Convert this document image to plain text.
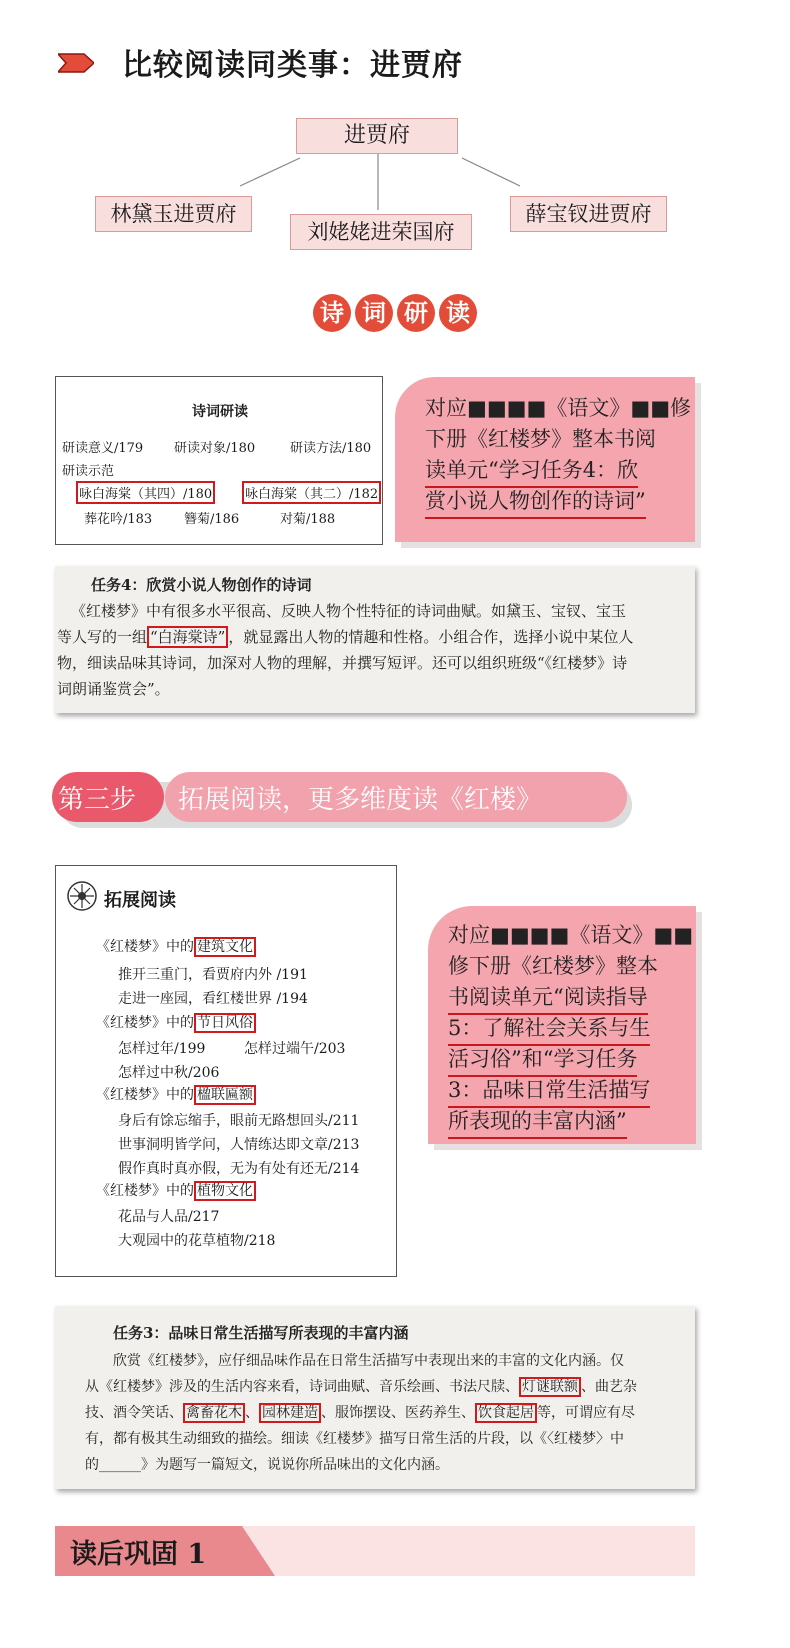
比较阅读同类事：进贾府
进贾府
林黛玉进贾府
刘姥姥进荣国府
薛宝钗进贾府
诗 词 研 读
诗词研读
研读意义/179 研读对象/180	研读方法/180
研读示范
咏白海棠（其四）/180	咏白海棠（其二）/182
葬花吟/183 簪菊/186	对菊/188
对应■■■■《语文》■■修
下册《红楼梦》整本书阅
读单元“学习任务4：欣
赏小说人物创作的诗词”
任务4：欣赏小说人物创作的诗词
《红楼梦》中有很多水平很高、反映人物个性特征的诗词曲赋。如黛玉、宝钗、宝玉
等人写的一组 “白海棠诗” ，就显露出人物的情趣和性格。小组合作，选择小说中某位人
物，细读品味其诗词，加深对人物的理解，并撰写短评。还可以组织班级“《红楼梦》诗
词朗诵鉴赏会”。
第三步 拓展阅读，更多维度读《红楼》
拓展阅读
《红楼梦》中的 建筑文化
推开三重门，看贾府内外 /191
走进一座园，看红楼世界 /194
《红楼梦》中的 节日风俗
怎样过年/199	怎样过端午/203
怎样过中秋/206
《红楼梦》中的 楹联匾额
身后有馀忘缩手，眼前无路想回头/211
世事洞明皆学问，人情练达即文章/213
假作真时真亦假，无为有处有还无/214
《红楼梦》中的 植物文化
花品与人品/217
大观园中的花草植物/218
对应■■■■《语文》■■
修下册《红楼梦》整本
书阅读单元“阅读指导
5：了解社会关系与生
活习俗”和“学习任务
3：品味日常生活描写
所表现的丰富内涵”
任务3：品味日常生活描写所表现的丰富内涵
欣赏《红楼梦》，应仔细品味作品在日常生活描写中表现出来的丰富的文化内涵。仅
从《红楼梦》涉及的生活内容来看，诗词曲赋、音乐绘画、书法尺牍、 灯谜联额 、曲艺杂
技、酒令笑话、 禽畜花木 、 园林建造 、服饰摆设、医药养生、 饮食起居 等，可谓应有尽
有，都有极其生动细致的描绘。细读《红楼梦》描写日常生活的片段，以《〈红楼梦〉中
的______》为题写一篇短文，说说你所品味出的文化内涵。
读后巩固 1
